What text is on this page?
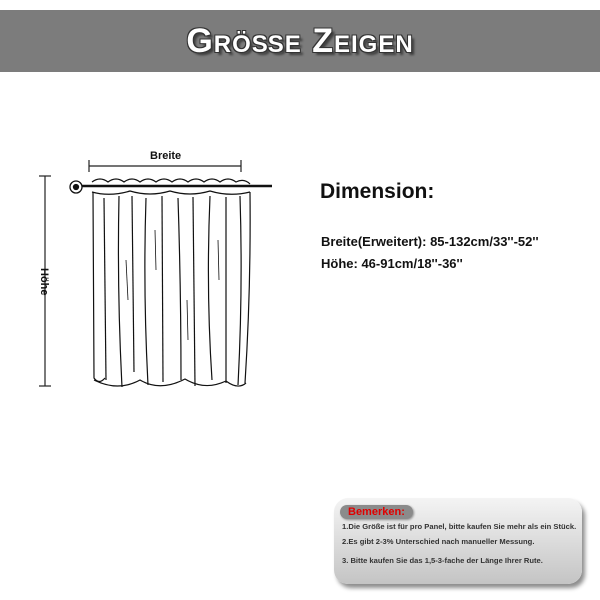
Größe Zeigen
Breite
Höhe
Dimension:
Breite(Erweitert): 85-132cm/33''-52''
Höhe: 46-91cm/18''-36''
Bemerken:

1.Die Größe ist für pro Panel, bitte kaufen Sie mehr als ein Stück.

2.Es gibt 2-3% Unterschied nach manueller Messung.

3. Bitte kaufen Sie das 1,5-3-fache der Länge Ihrer Rute.
